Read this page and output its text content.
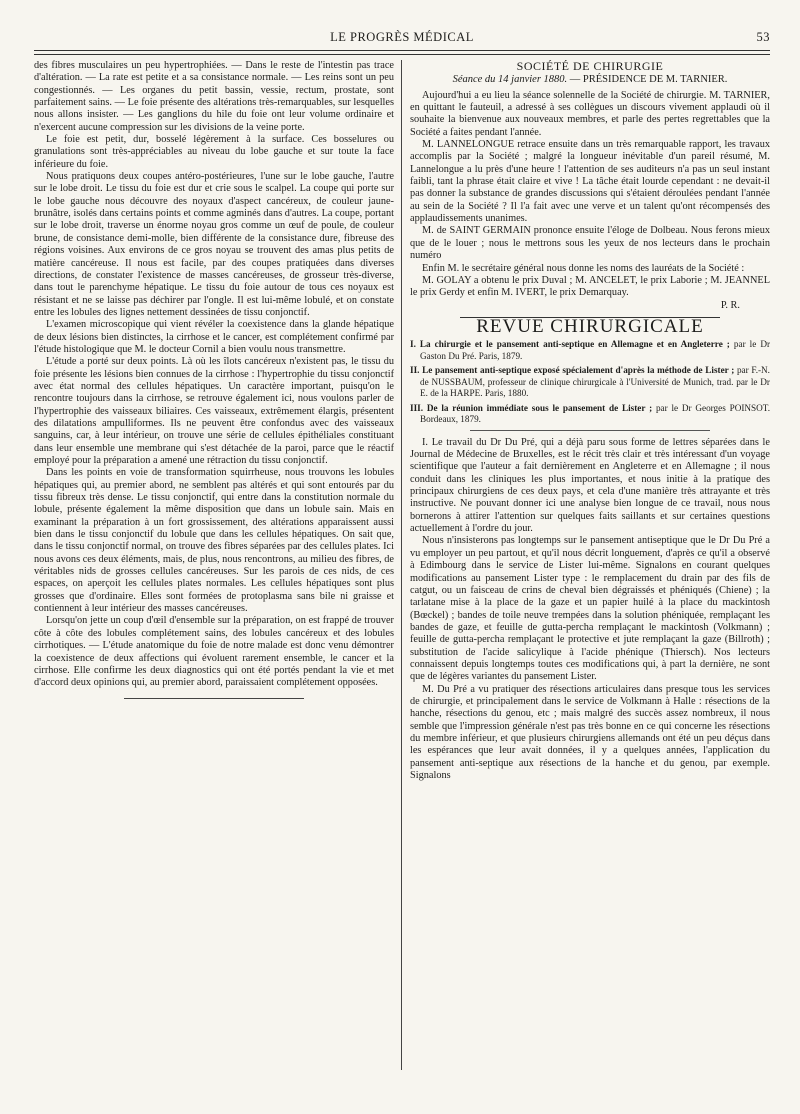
LE PROGRÈS MÉDICAL	53

des fibres musculaires un peu hypertrophiées. — Dans le reste de l'intestin pas trace d'altération. — La rate est petite et a sa consistance normale. — Les reins sont un peu congestionnés. — Les organes du petit bassin, vessie, rectum, prostate, sont parfaitement sains. — Le foie présente des altérations très-remarquables, sur lesquelles nous allons insister. — Les ganglions du hile du foie ont leur volume ordinaire et n'exercent aucune compression sur les divisions de la veine porte.

Le foie est petit, dur, bosselé légèrement à la surface. Ces bosselures ou granulations sont très-appréciables au niveau du lobe gauche et sur toute la face inférieure du foie.

Nous pratiquons deux coupes antéro-postérieures, l'une sur le lobe gauche, l'autre sur le lobe droit. Le tissu du foie est dur et crie sous le scalpel. La coupe qui porte sur le lobe gauche nous découvre des noyaux d'aspect cancéreux, de couleur jaune-brunâtre, isolés dans certains points et comme agminés dans d'autres. La coupe, portant sur le lobe droit, traverse un énorme noyau gros comme un œuf de poule, de couleur brune, de consistance demi-molle, bien différente de la consistance dure, fibreuse des régions voisines. Aux environs de ce gros noyau se trouvent des amas plus petits de matière cancéreuse. Il nous est facile, par des coupes pratiquées dans diverses directions, de constater l'existence de masses cancéreuses, de grosseur très-diverse, dans tout le parenchyme hépatique. Le tissu du foie autour de tous ces noyaux est résistant et ne se laisse pas déchirer par l'ongle. Il est lui-même lobulé, et on constate entre les lobules des lignes nettement dessinées de tissu conjonctif.

L'examen microscopique qui vient révéler la coexistence dans la glande hépatique de deux lésions bien distinctes, la cirrhose et le cancer, est complétement confirmé par l'étude histologique que M. le docteur Cornil a bien voulu nous transmettre.

L'étude a porté sur deux points. Là où les îlots cancéreux n'existent pas, le tissu du foie présente les lésions bien connues de la cirrhose : l'hypertrophie du tissu conjonctif avec état normal des cellules hépatiques. Un caractère important, puisqu'on le rencontre toujours dans la cirrhose, se retrouve également ici, nous voulons parler de l'hypertrophie des vaisseaux biliaires. Ces vaisseaux, extrêmement élargis, présentent des dilatations ampulliformes. Ils ne peuvent être confondus avec des vaisseaux sanguins, car, à leur intérieur, on trouve une série de cellules épithéliales constituant dans leur ensemble une membrane qui s'est détachée de la paroi, parce que le réactif employé pour la préparation a amené une rétraction du tissu conjonctif.

Dans les points en voie de transformation squirrheuse, nous trouvons les lobules hépatiques qui, au premier abord, ne semblent pas altérés et qui sont entourés par du tissu fibreux très dense. Le tissu conjonctif, qui entre dans la constitution normale du lobule, présente également la même disposition que dans un lobule sain. Mais en examinant la préparation à un fort grossissement, des altérations apparaissent aussi bien dans le tissu conjonctif du lobule que dans les cellules hépatiques. On sait que, dans le tissu conjonctif normal, on trouve des fibres séparées par des cellules plates. Ici nous avons ces deux éléments, mais, de plus, nous rencontrons, au milieu des fibres, de véritables nids de grosses cellules cancéreuses. Sur les parois de ces nids, de ces espaces, on aperçoit les cellules plates normales. Les cellules hépatiques sont plus grosses que d'ordinaire. Elles sont formées de protoplasma sans bile ni graisse et contiennent à leur intérieur des masses cancéreuses.

Lorsqu'on jette un coup d'œil d'ensemble sur la préparation, on est frappé de trouver côte à côte des lobules complétement sains, des lobules cancéreux et des lobules cirrhotiques. — L'étude anatomique du foie de notre malade est donc venu démontrer la coexistence de deux affections qui évoluent rarement ensemble, le cancer et la cirrhose. Elle confirme les deux diagnostics qui ont été portés pendant la vie et met d'accord deux opinions qui, au premier abord, paraissaient complétement opposées.

SOCIÉTÉ DE CHIRURGIE
Séance du 14 janvier 1880. — PRÉSIDENCE DE M. TARNIER.

Aujourd'hui a eu lieu la séance solennelle de la Société de chirurgie. M. TARNIER, en quittant le fauteuil, a adressé à ses collègues un discours vivement applaudi où il souhaite la bienvenue aux nouveaux membres, et parle des pertes regrettables que la Société a faites pendant l'année.

M. LANNELONGUE retrace ensuite dans un très remarquable rapport, les travaux accomplis par la Société ; malgré la longueur inévitable d'un pareil résumé, M. Lannelongue a lu près d'une heure ! l'attention de ses auditeurs n'a pas un seul instant faibli, tant la phrase était claire et vive ! La tâche était lourde cependant : ne devait-il pas donner la substance de grandes discussions qui s'étaient déroulées pendant l'année au sein de la Société ? Il l'a fait avec une verve et un talent qu'ont récompensés des applaudissements unanimes.

M. de SAINT GERMAIN prononce ensuite l'éloge de Dolbeau. Nous ferons mieux que de le louer ; nous le mettrons sous les yeux de nos lecteurs dans le prochain numéro

Enfin M. le secrétaire général nous donne les noms des lauréats de la Société :

M. GOLAY a obtenu le prix Duval ; M. ANCELET, le prix Laborie ; M. JEANNEL le prix Gerdy et enfin M. IVERT, le prix Demarquay.

P. R.
REVUE CHIRURGICALE
I. La chirurgie et le pansement anti-septique en Allemagne et en Angleterre ; par le Dr Gaston Du Pré. Paris, 1879.
II. Le pansement anti-septique exposé spécialement d'après la méthode de Lister ; par F.-N. de NUSSBAUM, professeur de clinique chirurgicale à l'Université de Munich, trad. par le Dr E. de la HARPE. Paris, 1880.
III. De la réunion immédiate sous le pansement de Lister ; par le Dr Georges POINSOT. Bordeaux, 1879.

I. Le travail du Dr Du Pré, qui a déjà paru sous forme de lettres séparées dans le Journal de Médecine de Bruxelles, est le récit très clair et très intéressant d'un voyage scientifique que l'auteur a fait dernièrement en Angleterre et en Allemagne ; il nous conduit dans les cliniques les plus importantes, et nous initie à la pratique des principaux chirurgiens de ces deux pays, et cela d'une manière très attrayante et très instructive. Ne pouvant donner ici une analyse bien longue de ce travail, nous nous bornerons à attirer l'attention sur quelques faits saillants et sur certaines questions actuellement à l'ordre du jour.

Nous n'insisterons pas longtemps sur le pansement antiseptique que le Dr Du Pré a vu employer un peu partout, et qu'il nous décrit longuement, d'après ce qu'il a observé à Edimbourg dans le service de Lister lui-même. Signalons en courant quelques modifications au pansement Lister type : le remplacement du drain par des fils de catgut, ou un faisceau de crins de cheval bien dégraissés et phéniqués (Chiene) ; la tarlatane mise à la place de la gaze et un papier huilé à la place du mackintosh (Bœckel) ; bandes de toile neuve trempées dans la solution phéniquée, remplaçant les bandes de gaze, et feuille de gutta-percha remplaçant le mackintosh (Volkmann) ; feuille de gutta-percha remplaçant le protective et jute remplaçant la gaze (Billroth) ; substitution de l'acide salicylique à l'acide phénique (Thiersch). Nos lecteurs connaissent depuis longtemps toutes ces modifications qui, à part la dernière, ne sont que de légères variantes du pansement Lister.

M. Du Pré a vu pratiquer des résections articulaires dans presque tous les services de chirurgie, et principalement dans le service de Volkmann à Halle : résections de la hanche, résections du genou, etc ; mais malgré des succès assez nombreux, il nous semble que l'impression générale n'est pas très bonne en ce qui concerne les résections du membre inférieur, et que plusieurs chirurgiens allemands ont été un peu déçus dans les espérances que leur avait données, il y a quelques années, l'application du pansement anti-septique aux résections de la hanche et du genou, par exemple. Signalons
